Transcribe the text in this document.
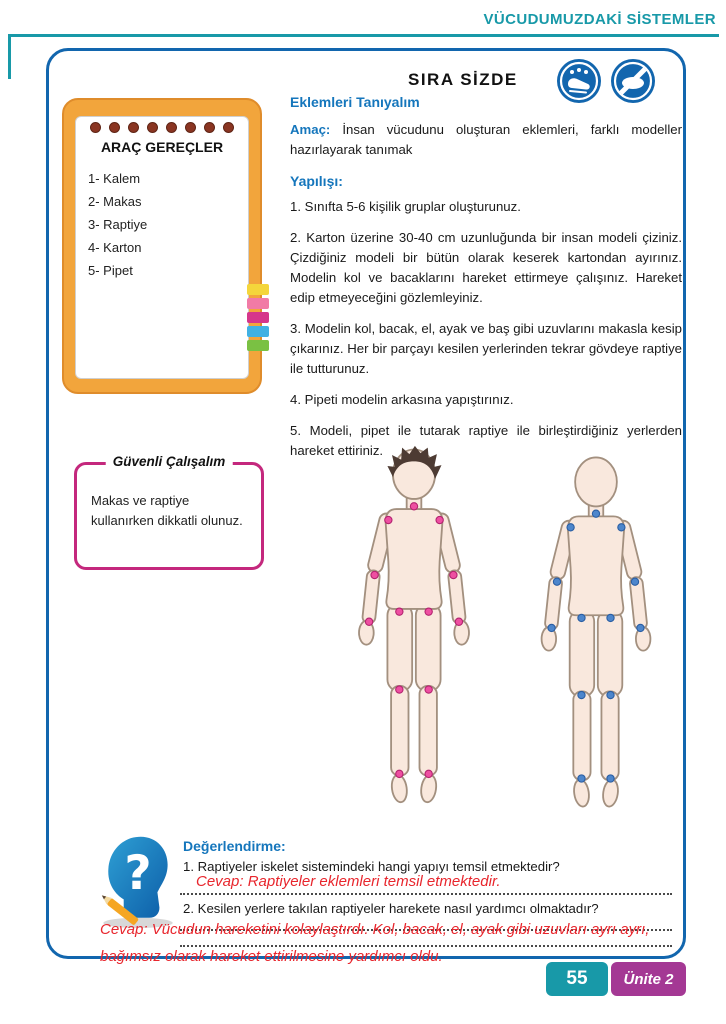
VÜCUDUMUZDAKİ SİSTEMLER
SIRA SİZDE
ARAÇ GEREÇLER
1- Kalem
2- Makas
3- Raptiye
4- Karton
5- Pipet
Güvenli Çalışalım
Makas ve raptiye kullanırken dikkatli olunuz.
Eklemleri Tanıyalım

Amaç: İnsan vücudunu oluşturan eklemleri, farklı modeller hazırlayarak tanımak

Yapılışı:

1. Sınıfta 5-6 kişilik gruplar oluşturunuz.

2. Karton üzerine 30-40 cm uzunluğunda bir insan modeli çiziniz. Çizdiğiniz modeli bir bütün olarak keserek kartondan ayırınız. Modelin kol ve bacaklarını hareket ettirmeye çalışınız. Hareket edip etmeyeceğini gözlemleyiniz.

3. Modelin kol, bacak, el, ayak ve baş gibi uzuvlarını makasla kesip çıkarınız. Her bir parçayı kesilen yerlerinden tekrar gövdeye raptiye ile tutturunuz.

4. Pipeti modelin arkasına yapıştırınız.

5. Modeli, pipet ile tutarak raptiye ile birleştirdiğiniz yerlerden hareket ettiriniz.

?
Değerlendirme:
1. Raptiyeler iskelet sistemindeki hangi yapıyı temsil etmektedir?
Cevap: Raptiyeler eklemleri temsil etmektedir.
2. Kesilen yerlere takılan raptiyeler harekete nasıl yardımcı olmaktadır?
Cevap: Vücudun hareketini kolaylaştırdı. Kol, bacak, el, ayak gibi uzuvları ayrı ayrı, bağımsız olarak hareket ettirilmesine yardımcı oldu.
55	Ünite 2
